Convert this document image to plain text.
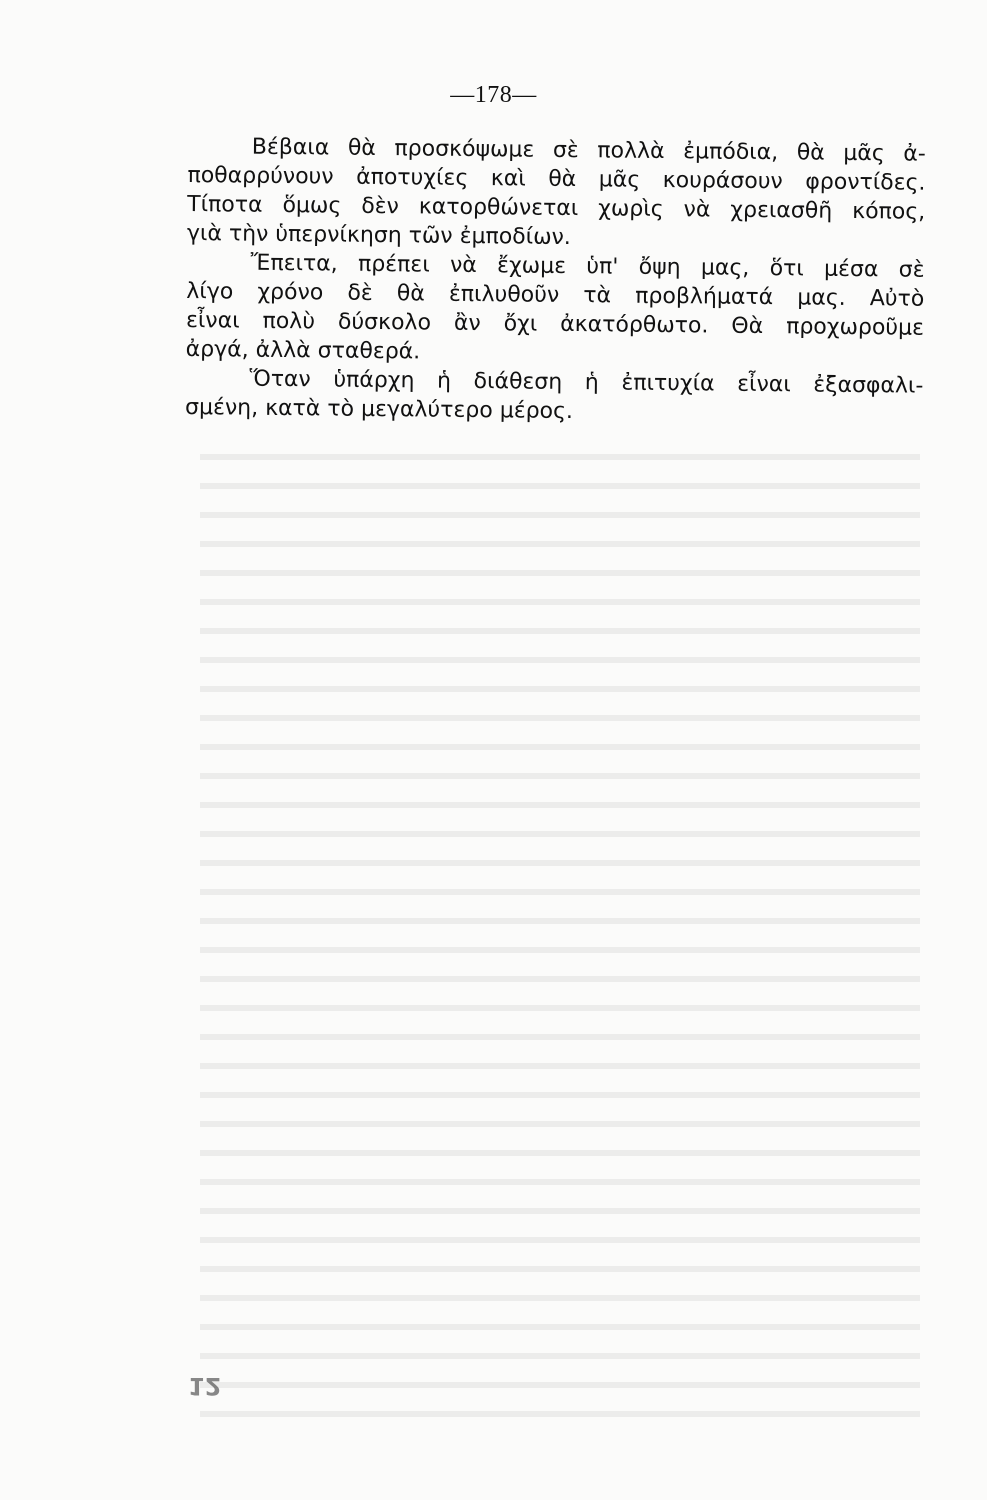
—178—

Βέβαια θὰ προσκόψωμε σὲ πολλὰ ἐμπόδια, θὰ μᾶς ἀ-
ποθαρρύνουν ἀποτυχίες καὶ θὰ μᾶς κουράσουν φροντίδες.
Τίποτα ὅμως δὲν κατορθώνεται χωρὶς νὰ χρειασθῆ κόπος,
γιὰ τὴν ὑπερνίκηση τῶν ἐμποδίων.

Ἔπειτα, πρέπει νὰ ἔχωμε ὑπ' ὄψη μας, ὅτι μέσα σὲ
λίγο χρόνο δὲ θὰ ἐπιλυθοῦν τὰ προβλήματά μας. Αὐτὸ
εἶναι πολὺ δύσκολο ἂν ὄχι ἀκατόρθωτο. Θὰ προχωροῦμε
ἀργά, ἀλλὰ σταθερά.

Ὅταν ὑπάρχη ἡ διάθεση ἡ ἐπιτυχία εἶναι ἐξασφαλι-
σμένη, κατὰ τὸ μεγαλύτερο μέρος.

12
